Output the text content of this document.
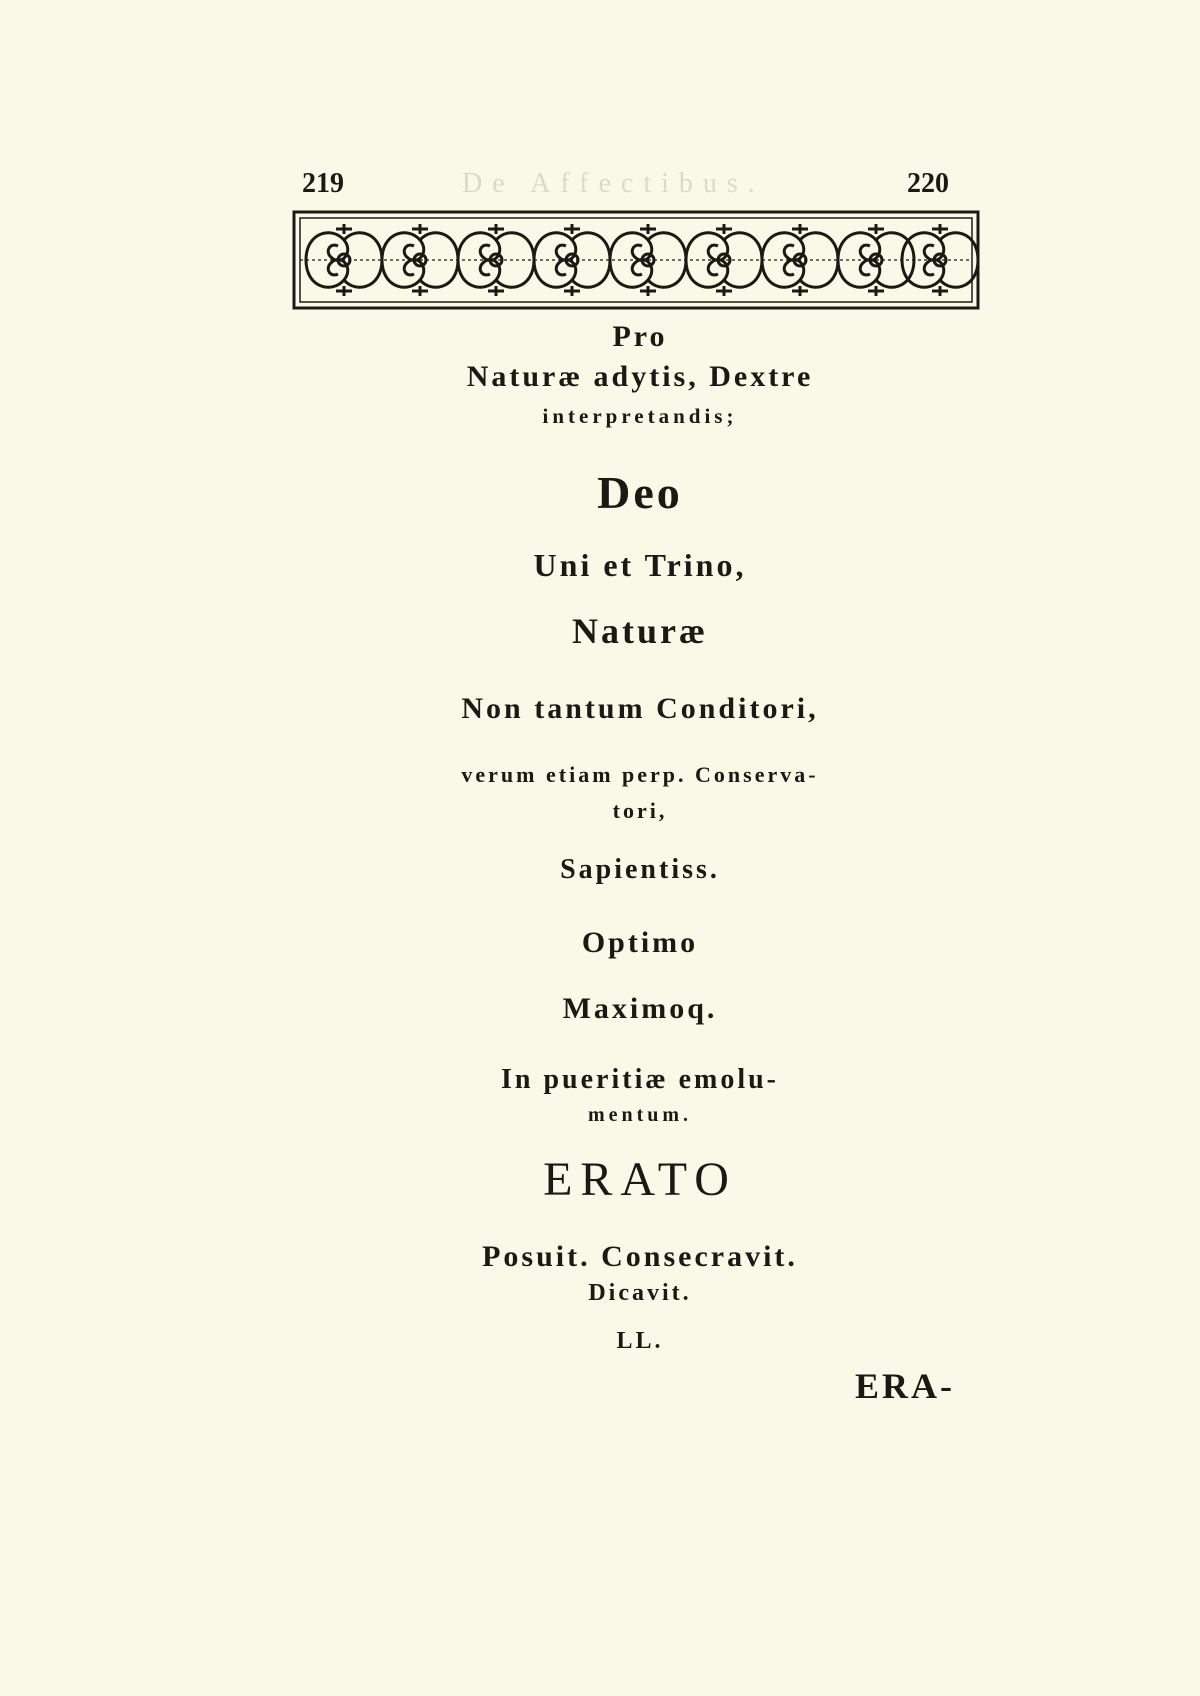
219	De Affectibus.	220
Pro
Naturæ adytis, Dextre
interpretandis;
Deo
Uni et Trino,
Naturæ
Non tantum Conditori,
verum etiam perp. Conserva-
tori,
Sapientiss.
Optimo
Maximoq.
In pueritiæ emolu-
mentum.
ERATO
Posuit. Consecravit.
Dicavit.
LL.
ERA-
